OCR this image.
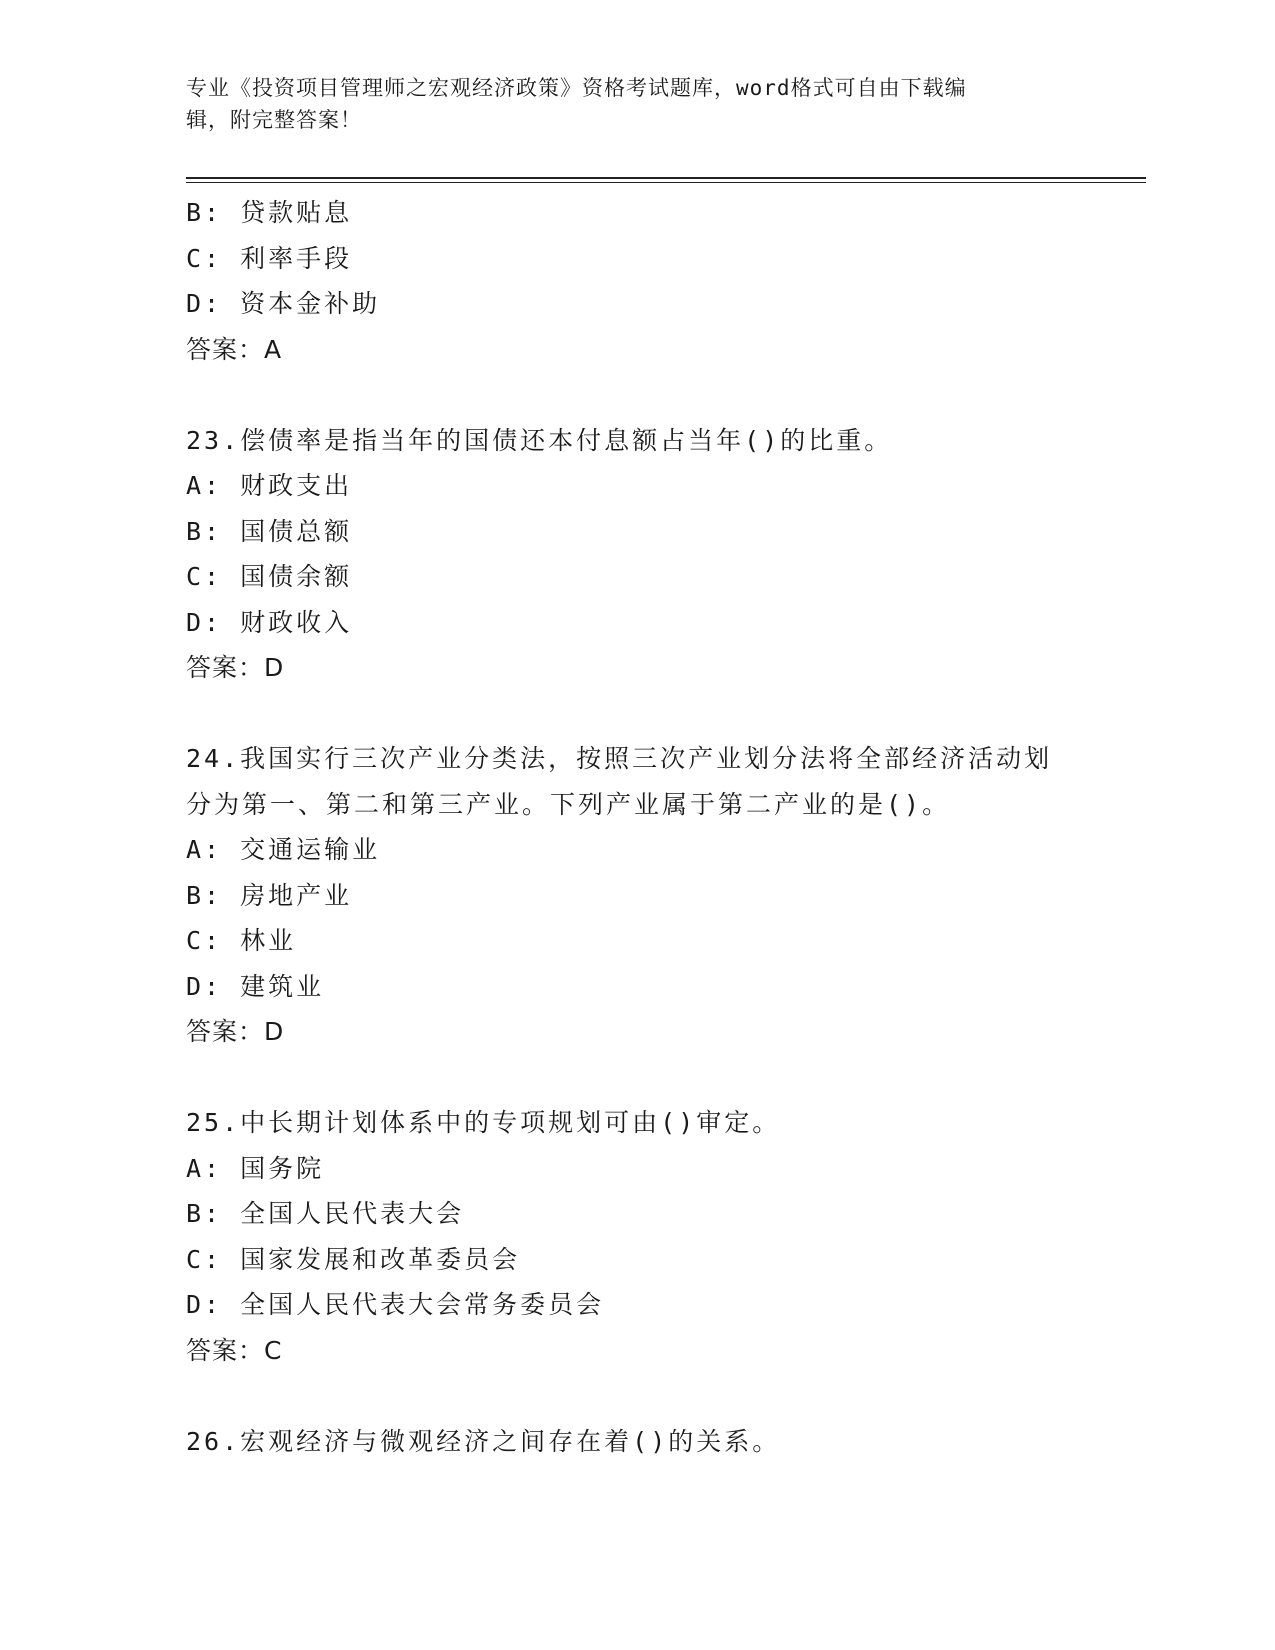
专业《投资项目管理师之宏观经济政策》资格考试题库，word格式可自由下载编
辑，附完整答案！
B: 贷款贴息
C: 利率手段
D: 资本金补助
答案：A
23.偿债率是指当年的国债还本付息额占当年()的比重。
A: 财政支出
B: 国债总额
C: 国债余额
D: 财政收入
答案：D
24.我国实行三次产业分类法，按照三次产业划分法将全部经济活动划
分为第一、第二和第三产业。下列产业属于第二产业的是()。
A: 交通运输业
B: 房地产业
C: 林业
D: 建筑业
答案：D
25.中长期计划体系中的专项规划可由()审定。
A: 国务院
B: 全国人民代表大会
C: 国家发展和改革委员会
D: 全国人民代表大会常务委员会
答案：C
26.宏观经济与微观经济之间存在着()的关系。
